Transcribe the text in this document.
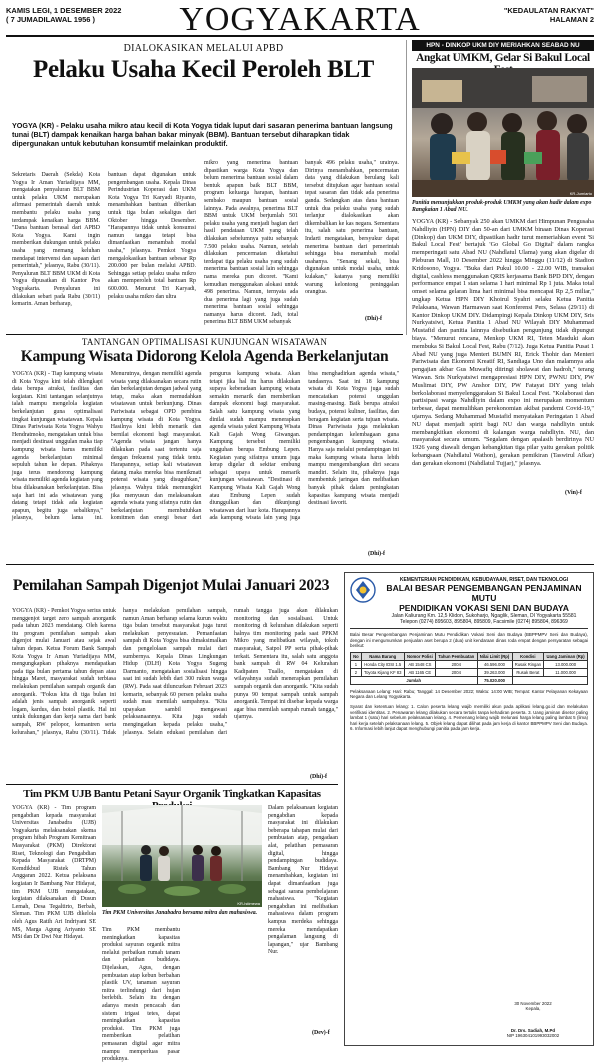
KAMIS LEGI, 1 DESEMBER 2022
( 7 JUMADILAWAL 1956 )	YOGYAKARTA	"KEDAULATAN RAKYAT"
HALAMAN 2
DIALOKASIKAN MELALUI APBD
Pelaku Usaha Kecil Peroleh BLT
YOGYA (KR) - Pelaku usaha mikro atau kecil di Kota Yogya tidak luput dari sasaran penerima bantuan langsung tunai (BLT) dampak kenaikan harga bahan bakar minyak (BBM). Bantuan tersebut diharapkan tidak dipergunakan untuk kebutuhan konsumtif melainkan produktif.

Sekretaris Daerah (Sekda) Kota Yogya Ir Aman Yuriadijaya MM, mengatakan penyaluran BLT BBM untuk pelaku UKM merupakan afirmasi pemerintah daerah untuk membantu pelaku usaha yang terdampak kenaikan harga BBM. "Dana bantuan berasal dari APBD Kota Yogya. Kami ingin memberikan dukungan untuk pelaku usaha yang memang keluhan mendapat intervensi dan sapaan dari pemerintah," jelasnya, Rabu (30/11). Penyaluran BLT BBM UKM di Kota Yogya dipusatkan di Kantor Pos Yogyakarta. Penyaluran ini dilakukan sebari pada Rabu (30/11) kemarin. Aman berharap,

bantuan dapat digunakan untuk pengembangan usaha. Kepala Dinas Perindustrian Koperasi dan UKM Kota Yogya Tri Karyadi Riyanto, menambahkan bantuan diberikan untuk tiga bulan sekaligus dari Oktober hingga Desember. "Harapannya tidak untuk konsumsi namun tangga tetapi bisa dimanfaatkan menambah modal usaha," jelasnya. Pemkot Yogya mengalokasikan bantuan sebesar Rp 200.000 per bulan melalui APBD. Sehingga setiap pelaku usaha mikro akan memperoleh total bantuan Rp 600.000. Menurut Tri Karyadi, pelaku usaha mikro dan ultra

mikro yang menerima bantuan dipastikan warga Kota Yogya dan belum menerima bantuan sosial dalam bentuk apapun baik BLT BBM, program keluarga harapan, bantuan sembako maupun bantuan sosial lainnya. Pada awalnya, penerima BLT BBM untuk UKM berjumlah 501 pelaku usaha yang menjadi bagian dari hasil pendataan UKM yang telah dilakukan sebelumnya yaitu sebanyak 7.500 pelaku usaha. Namun, setelah dilakukan pencermatan diketahui terdapat tiga pelaku usaha yang sudah menerima bantuan sosial lain sehingga nama mereka pun dicoret. "Kami kemudian menggunakan alokasi untuk 498 penerima. Namun, ternyata ada dua penerima lagi yang juga sudah menerima bantuan sosial sehingga namanya harus dicoret. Jadi, total penerima BLT BBM UKM sebanyak

banyak 496 pelaku usaha," urainya. Dirinya menambahkan, pencermatan data yang dilakukan berulang kali tersebut ditujukan agar bantuan sosial tepat sasaran dan tidak ada penerima ganda. Sedangkan atas dana bantuan untuk dua pelaku usaha yang sudah terlanjur dialokasikan akan dikembalikan ke kas negara. Sementara itu, salah satu penerima bantuan, Indarti mengatakan, bersyukur dapat menerima bantuan dari pemerintah sehingga bisa menambah modal usahanya. "Senang sekali, bisa digunakan untuk modal usaha, untuk kulakan," katanya yang memiliki warung kelontong peninggalan orangtua.

(Dhi)-f
HPN - DINKOP UKM DIY MERIAHKAN SEABAD NU
Angkat UMKM, Gelar Si Bakul Local
KR-Jumiarto
Panitia menunjukkan produk-produk UMKM yang akan hadir dalam expo Rangkaian 1 Abad NU.

YOGYA (KR) - Sebanyak 250 akan UMKM dari Himpunan Pengusaha Nahdliyin (HPN) DIY dan 50-an dari UMKM binaan Dinas Koperasi (Dinkop) dan UKM DIY, dipastikan hadir turut memeriahkan event 'Si Bakul Local Fest' bertajuk 'Go Global Go Digital' dalam rangka memperingati satu Abad NU (Nahdlatul Ulama) yang akan digelar di Pleburan Mall, 10 Desember 2022 hingga Minggu (11/12) di Stadion Kridosono, Yogya. "Buka dari Pukul 10.00 - 22.00 WIB, transaksi digital, cashless menggunakan QRIS kerjasama Bank BPD DIY, dengan performance empat 1 stan selama 1 hari minimal Rp 1 juta. Maka total omset selama gelaran lima hari minimal bisa mencapai Rp 2,5 miliar," ungkap Ketua HPN DIY Khoirul Syahri selaku Ketua Panitia Pelaksana, Wawan Harmawan saat Konferensi Pers, Selasa (29/11) di Kantor Dinkop UKM DIY. Didampingi Kepala Dinkop UKM DIY, Sris Nurkyatsiwi, Ketua Panitia 1 Abad NU Wilayah DIY Muhammad Mustafid dan panitia lainnya disebutkan pengunjung tidak dipungut biaya. "Menurut rencana, Menkop UKM RI, Teten Masduki akan membuka Si Bakul Local Fest, Rabu (7/12). Juga Ketua Panitia Pusat 1 Abad NU yang juga Menteri BUMN RI, Erick Thohir dan Menteri Pariwisata dan Ekonomi Kreatif RI, Sandiaga Uno dan malamnya ada pengajian akbar Gus Muwafiq diiringi sholawat dan hadroh," terang Wawan. Sris Nurkyatsiwi mengapresiasi HPN DIY, PWNU DIY, PW Muslimat DIY, PW Anshor DIY, PW Fatayat DIY yang telah berkolaborasi menyelenggarakan Si Bakul Local Fest. "Kolaborasi dan partisipasi warga Nahdliyin dalam expo ini merupakan momentum terbesar, dapat memulihkan perekonomian akibat pandemi Covid-19," ujarnya. Sedang Muhammad Mustafid menyatakan Peringatan 1 Abad NU dapat menjadi spirit bagi NU dan warga nahdliyin untuk membangkitkan ekonomi di kalangan warga nahdliyin. NU, dan masyarakat secara umum. "Segalam dengan apalasih berdirinya NU 1926 yang diawali dengan kebangkitan tiga pilar yaitu gerakan politik kebangsaan (Nahdlatul Wathon), gerakan pemikiran (Taswirul Afkar) dan gerakan ekonomi (Nahdlatul Tujjar)," jelasnya.

(Vin)-f
TANTANGAN OPTIMALISASI KUNJUNGAN WISATAWAN
Kampung Wisata Didorong Kelola Agenda Berkelanjutan

YOGYA (KR) - Tiap kampung wisata di Kota Yogya kini telah dilengkapi data berupa atraksi, fasilitas dan kegiatan. Kini tantangan selanjutnya ialah mampu mengelola kegiatan berkelanjutan guna optimalisasi tingkat kunjungan wisatawan. Kepala Dinas Pariwisata Kota Yogya Wahyu Hendratmoko, mengatakan untuk bisa menjadi destinasi unggulan maka tiap kampung wisata harus memiliki agenda berkelanjutan minimal sepuluh tahun ke depan. Pihaknya juga terus mendorong kampung wisata memiliki agenda kegiatan yang bisa dilaksanakan berkelanjutan. Bisa saja hari ini ada wisatawan yang datang tetapi tidak ada kegiatan apapun, begitu juga sebaliknya," jelasnya, belum lama ini. Menurutnya, dengan memiliki agenda wisata yang dilaksanakan secara rutin dan berkelanjutan dengan jadwal yang tetap, maka akan memudahkan wisatawan untuk berkunjung. Dinas Pariwisata sebagai OPD pembina kampung wisata di Kota Yogya. Hasilnya kini lebih menarik dan bernilai ekonomi bagi masyarakat. "Agenda wisata jangan hanya dilakukan pada saat tertentu saja dengan frekuensi yang tidak tentu. Harapannya, setiap kali wisatawan datang maka mereka bisa menikmati potensi wisata yang disuguhkan," jelasnya. Wahyu tidak memungkiri jika menyusun dan melaksanakan agenda wisata yang sifatnya rutin dan berkelanjutan membutuhkan komitmen dan energi besar dari pengurus kampung wisata. Akan tetapi jika hal itu harus dilakukan supaya keberadaan kampung wisata semakin menarik dan memberikan dampak ekonomi bagi masyarakat. Salah satu kampung wisata yang dinilai sudah mampu menerapkan agenda wisata yakni Kampung Wisata Kali Gajah Wong Giwangan. Kampung tersebut memiliki ungguhan berupa Embung Lepen. Kegiatan yang sifatnya umum juga kerap digelar di sekitar embung sebagai upaya untuk menarik kunjungan wisatawan. "Destinasi di Kampung Wisata Kali Gajah Wong atau Embung Lepen sudah diunggulkan dan dikunjungi wisatawan dari luar kota. Harapannya ada kampung wisata lain yang juga bisa menghadirkan agenda wisata," tandasnya. Saat ini 18 kampung wisata di Kota Yogya juga sudah mencatatkan potensi unggulan masing-masing. Baik berupa atraksi budaya, potensi kuliner, fasilitas, dan beragam kegiatan serta tujuan wisata. Dinas Pariwisata juga melakukan pendampingan kelembagaan guna pengembangan kampung wisata. Hanya saja melalui pendampingan ini maka kampung wisata harus lebih mampu mengembangkan diri secara mandiri. Selain itu, pihaknya juga membentuk jaringan dan melibatkan banyak pihak dalam peningkatan kapasitas kampung wisata menjadi destinasi favorit.

(Dhi)-f
Pemilahan Sampah Digenjot Mulai Januari 2023

YOGYA (KR) - Pemkot Yogya serius untuk menggenjot target zero sampah anorganik pada tahun 2023 mendatang. Oleh karena itu program pemilahan sampah akan digenjot mulai Januari atau sejak awal tahun depan. Ketua Forum Bank Sampah Kota Yogya Ir Aman Yuriadijaya MM, mengungkapkan pihaknya mendapatkan pada tiga bulan pertama tahun depan atau hingga Maret, masyarakat sudah terbiasa melakukan pemilahan sampah organik dan anorganik. "Fokus kita di tiga bulan ini adalah jenis sampah anorganik seperti logam, kardus, dan botol plastik. Hal ini untuk dukungan dan kerja sama dari bank sampah, RW pelopor, kemantren serta kelurahan," jelasnya, Rabu (30/11). Tidak hanya melakukan pemilahan sampah, namun Aman berharap selama kurun waktu tiga bulan tersebut masyarakat juga turut melakukan penyesuaian. Pemanfaatan sampah di Kota Yogya bisa dimaksimalkan dan pengelolaan sampah mulai dari sumbernya. Kepala Dinas Lingkungan Hidup (DLH) Kota Yogya Sugeng Darmanto, mengatakan sosialisasi hingga saat ini sudah lebih dari 300 rukun warga (RW). Pada saat diluncurkan Februari 2023 kemarin, sebanyak 60 persen pelaku usaha sudah mau memilah sampahnya. "Kita upayakan sambil mengawasi pelaksanaannya. Kita juga sudah mengingatkan kepada pelaku usaha," jelasnya. Selain edukasi pemilahan dari rumah tangga juga akan dilakukan monitoring dan sosialisasi. Untuk monitoring di kelurahan dilakukan seperti halnya tim monitoring pada saat PPKM Mikro yang melibatkan wilayah, tokoh masyarakat, Satpol PP serta pihak-pihak terkait. Sementara itu, salah satu anggota bank sampah di RW 04 Kelurahan Kadipaten Tuallo, mengatakan di wilayahnya sudah menerapkan pemilahan sampah organik dan anorganik. "Kita sudah punya 90 tempat sampah untuk sampah anorganik. Tempat ini disebar kepada warga agar bisa memilah sampah rumah tangga," ujarnya.

(Dhi)-f
Tim PKM UJB Bantu Petani Sayur Organik Tingkatkan Kapasitas

YOGYA (KR) - Tim program pengabdian kepada masyarakat Universitas Janabadra (UJB) Yogyakarta melaksanakan skema program hibah Program Kemitraan Masyarakat (PKM) Direktorat Riset, Teknologi dan Pengabdian Kepada Masyarakat (DRTPM) Kemdikbud Ristek Tahun Anggaran 2022. Ketua pelaksana kegiatan Ir Bambang Nur Hidayat, tim PKM UJB mengatakan, kegiatan dilaksanakan di Dusun Lemah, Desa Tegaltirto, Berbah, Sleman. Tim PKM UJB dikelola oleh Agus Ratih Ari Indriyani SE MS, Marga Agung Ariyanto SE MSi dan Dr Dwi Nur Hidayat.

KR-Istimewa
Tim PKM Universitas Janabadra bersama mitra dan mahasiswa.

Tim PKM membantu meningkatkan kapasitas produksi sayuran organik mitra melalui perbaikan rumah tanam dan pelatihan budidaya. Dijelaskan, Agus, dengan pembuatan atap kebun berbahan plastik UV, tanaman sayuran mitra terlindungi dari hujan berlebih. Selain itu dengan adanya mesin pencacah dan sistem irigasi tetes, dapat meningkatkan kapasitas produksi. Tim PKM juga memberikan pelatihan pemasaran digital agar mitra mampu memperluas pasar produknya.

Dalam pelaksanaan kegiatan pengabdian kepada masyarakat ini dilakukan beberapa tahapan mulai dari pembuatan atap, pengadaan alat, pelatihan pemasaran digital, hingga pendampingan budidaya. Bambang Nur Hidayat menambahkan, kegiatan ini dapat dimanfaatkan juga sebagai sarana pembelajaran mahasiswa. "Kegiatan pengabdian ini melibatkan mahasiswa dalam program kampus merdeka sehingga mereka mendapatkan pengalaman langsung di lapangan," ujar Bambang Nur.

(Dev)-f
KEMENTERIAN PENDIDIKAN, KEBUDAYAAN, RISET, DAN TEKNOLOGI
BALAI BESAR PENGEMBANGAN PENJAMINAN MUTU
PENDIDIKAN VOKASI SENI DAN BUDAYA
Jalan Kaliurang Km. 12,5 Klidon, Sukoharjo, Ngaglik, Sleman, DI Yogyakarta 55581
Telepon (0274) 895603, 895804, 895809, Facsimile (0274) 895804, 896369
Balai Besar Pengembangan Penjaminan Mutu Pendidikan Vokasi Seni dan Budaya (BBPPMPV Seni dan Budaya), dengan ini mengumumkan penjualan aset berupa 2 (dua) unit kendaraan dinas roda empat dengan persyaratan sebagai berikut:
No	Nama Barang	Nomor Polisi	Tahun Pembuatan	Nilai Limit (Rp)	Kondisi	Uang Jaminan (Rp)
1	Honda City IDSI 1.5	AB 1548 CS	2004	46.596.000	Rusak Ringan	13.000.000
2	Toyota Kijang KF 83	AB 1165 CE	2004	39.263.000	Rusak Berat	11.000.000
Jumlah				75.020.000		
Pelaksanaan Lelang: Hari: Rabu; Tanggal: 14 Desember 2022; Waktu: 14:00 WIB; Tempat: Kantor Pelayanan Kekayaan Negara dan Lelang Yogyakarta.
Syarat dan ketentuan lelang: 1. Calon peserta lelang wajib memiliki akun pada aplikasi lelang.go.id dan melakukan verifikasi identitas. 2. Penawaran lelang dilakukan secara tertulis tanpa kehadiran peserta. 3. Uang jaminan disetor paling lambat 1 (satu) hari sebelum pelaksanaan lelang. 4. Pemenang lelang wajib melunasi harga lelang paling lambat 5 (lima) hari kerja setelah pelaksanaan lelang. 5. Objek lelang dapat dilihat pada jam kerja di kantor BBPPMPV Seni dan Budaya. 6. Informasi lebih lanjut dapat menghubungi panitia pada jam kerja.
30 November 2022
Kepala,
Dr. Drs. Sadiah, M.Pd
NIP 196304101993032002
